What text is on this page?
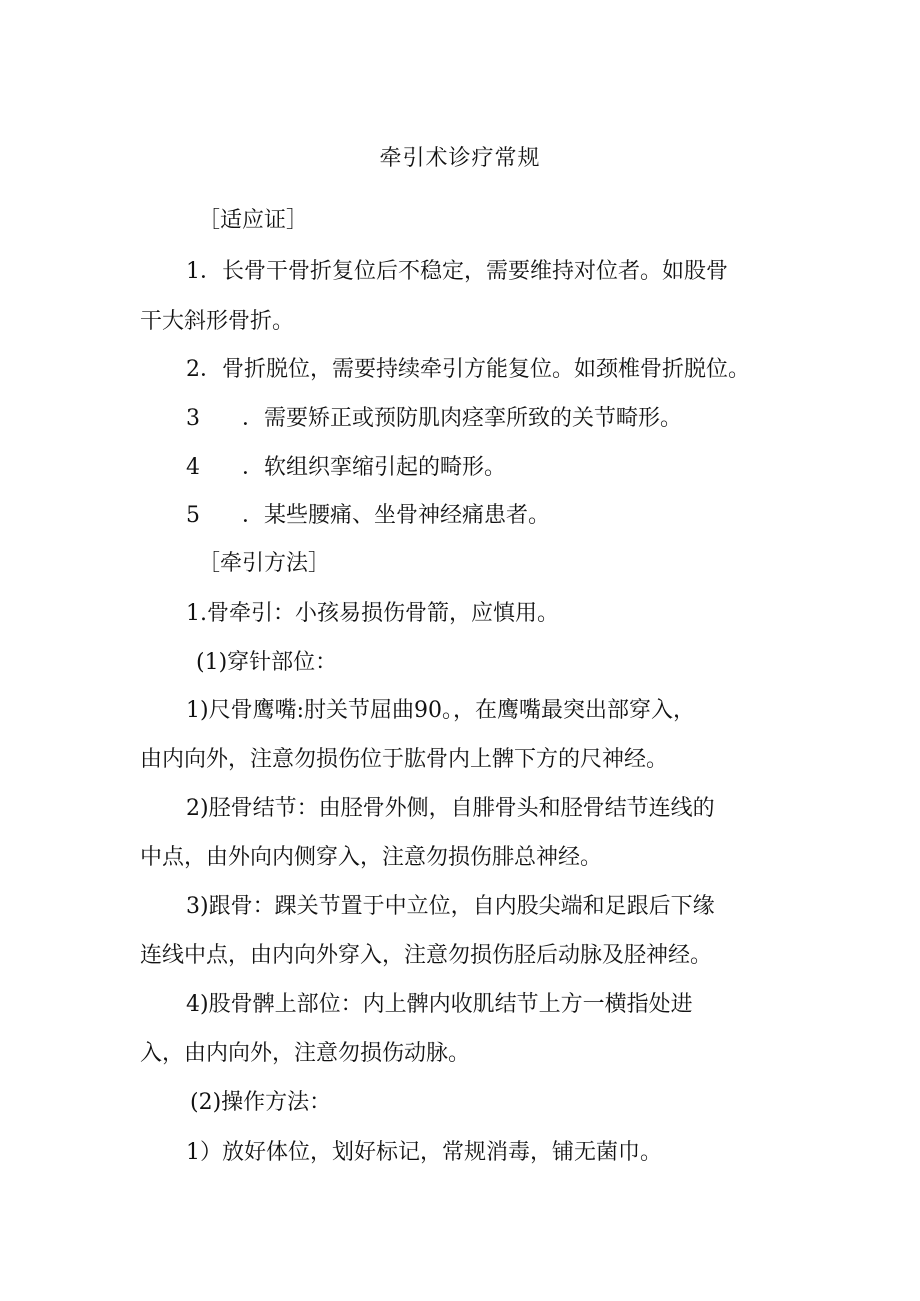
牵引术诊疗常规
［适应证］
1．长骨干骨折复位后不稳定，需要维持对位者。如股骨
干大斜形骨折。
2．骨折脱位，需要持续牵引方能复位。如颈椎骨折脱位。
3 ．需要矫正或预防肌肉痉挛所致的关节畸形。
4 ．软组织挛缩引起的畸形。
5 ．某些腰痛、坐骨神经痛患者。
［牵引方法］
1.骨牵引：小孩易损伤骨箭，应慎用。
(1)穿针部位：
1)尺骨鹰嘴:肘关节屈曲90。，在鹰嘴最突出部穿入，
由内向外，注意勿损伤位于肱骨内上髀下方的尺神经。
2)胫骨结节：由胫骨外侧，自腓骨头和胫骨结节连线的
中点，由外向内侧穿入，注意勿损伤腓总神经。
3)跟骨：踝关节置于中立位，自内股尖端和足跟后下缘
连线中点，由内向外穿入，注意勿损伤胫后动脉及胫神经。
4)股骨髀上部位：内上髀内收肌结节上方一横指处进
入，由内向外，注意勿损伤动脉。
(2)操作方法：
1）放好体位，划好标记，常规消毒，铺无菌巾。
